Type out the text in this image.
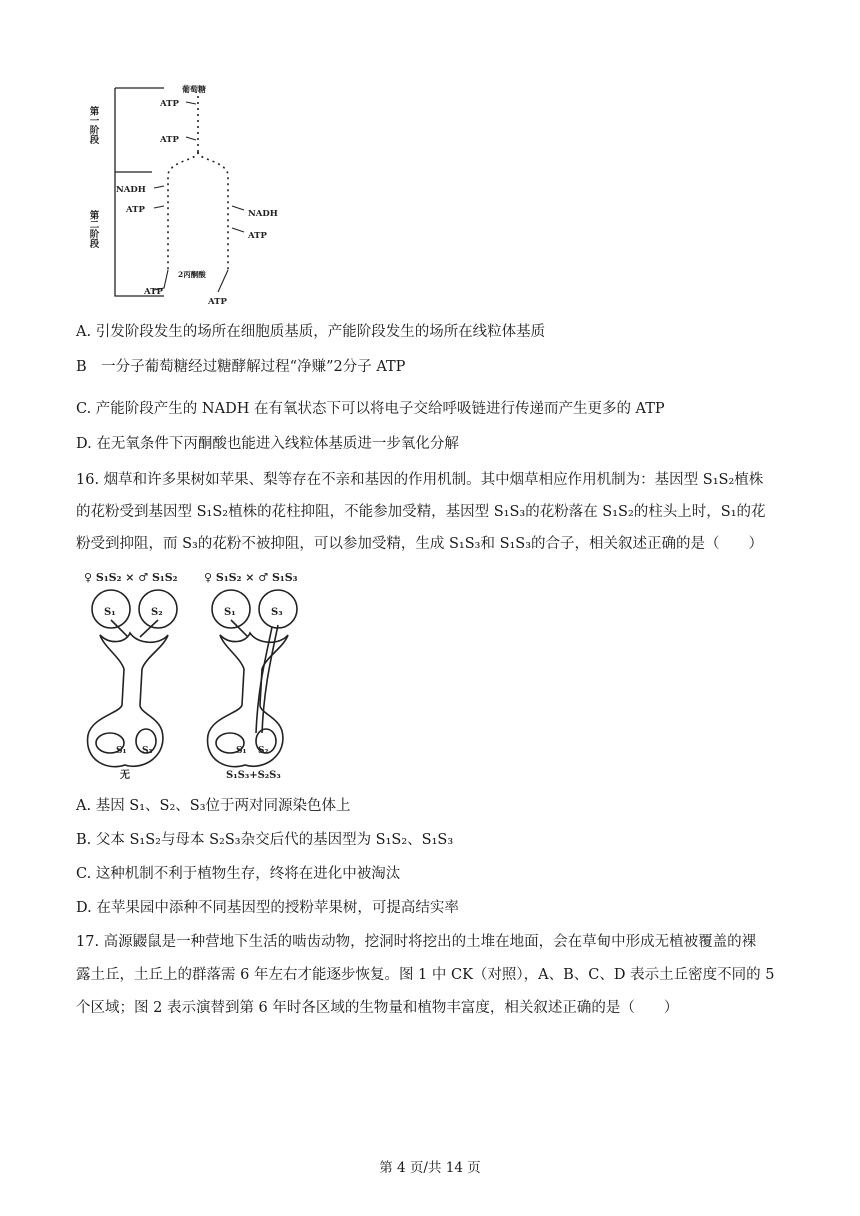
第一阶段
第二阶段
葡萄糖
ATP
ATP
NADH
ATP	NADH
ATP
2丙酮酸
ATP
ATP
A. 引发阶段发生的场所在细胞质基质，产能阶段发生的场所在线粒体基质
B　一分子葡萄糖经过糖酵解过程“净赚”2分子 ATP
C. 产能阶段产生的 NADH 在有氧状态下可以将电子交给呼吸链进行传递而产生更多的 ATP
D. 在无氧条件下丙酮酸也能进入线粒体基质进一步氧化分解
16. 烟草和许多果树如苹果、梨等存在不亲和基因的作用机制。其中烟草相应作用机制为：基因型 S₁S₂植株
的花粉受到基因型 S₁S₂植株的花柱抑阻，不能参加受精，基因型 S₁S₃的花粉落在 S₁S₂的柱头上时，S₁的花
粉受到抑阻，而 S₃的花粉不被抑阻，可以参加受精，生成 S₁S₃和 S₁S₃的合子，相关叙述正确的是（　　）
♀ S₁S₂ × ♂ S₁S₂ ♀ S₁S₂ × ♂ S₁S₃
S₁	S₂
S₁ S₃
无
S₁	S₃
S₁ S₂
S₁S₃+S₂S₃
A. 基因 S₁、S₂、S₃位于两对同源染色体上
B. 父本 S₁S₂与母本 S₂S₃杂交后代的基因型为 S₁S₂、S₁S₃
C. 这种机制不利于植物生存，终将在进化中被淘汰
D. 在苹果园中添种不同基因型的授粉苹果树，可提高结实率
17. 高源鼹鼠是一种营地下生活的啮齿动物，挖洞时将挖出的土堆在地面，会在草甸中形成无植被覆盖的裸
露土丘，土丘上的群落需 6 年左右才能逐步恢复。图 1 中 CK（对照），A、B、C、D 表示土丘密度不同的 5
个区域；图 2 表示演替到第 6 年时各区域的生物量和植物丰富度，相关叙述正确的是（　　）
第 4 页/共 14 页
